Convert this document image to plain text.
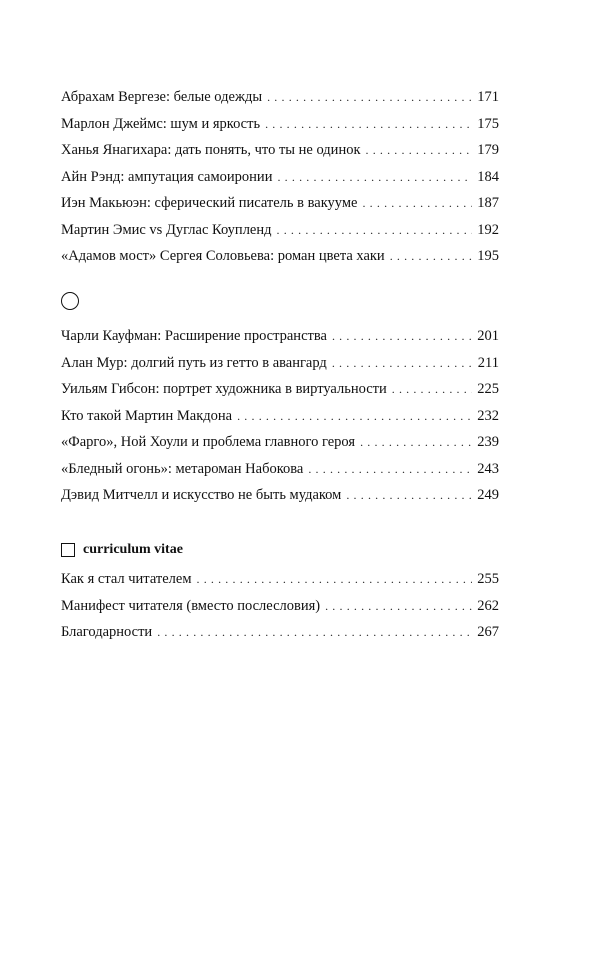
Абрахам Вергезе: белые одежды . . .	171
Марлон Джеймс: шум и яркость . . .	175
Ханья Янагихара: дать понять, что ты не одинок . . .	179
Айн Рэнд: ампутация самоиронии . . .	184
Иэн Макьюэн: сферический писатель в вакууме . . .	187
Мартин Эмис vs Дуглас Коупленд . . .	192
«Адамов мост» Сергея Соловьева: роман цвета хаки . . .	195
Чарли Кауфман: Расширение пространства . . .	201
Алан Мур: долгий путь из гетто в авангард . . .	211
Уильям Гибсон: портрет художника в виртуальности . . .	225
Кто такой Мартин Макдона . . .	232
«Фарго», Ной Хоули и проблема главного героя . . .	239
«Бледный огонь»: метароман Набокова . . .	243
Дэвид Митчелл и искусство не быть мудаком . . .	249
curriculum vitae
Как я стал читателем . . .	255
Манифест читателя (вместо послесловия) . . .	262
Благодарности . . .	267
